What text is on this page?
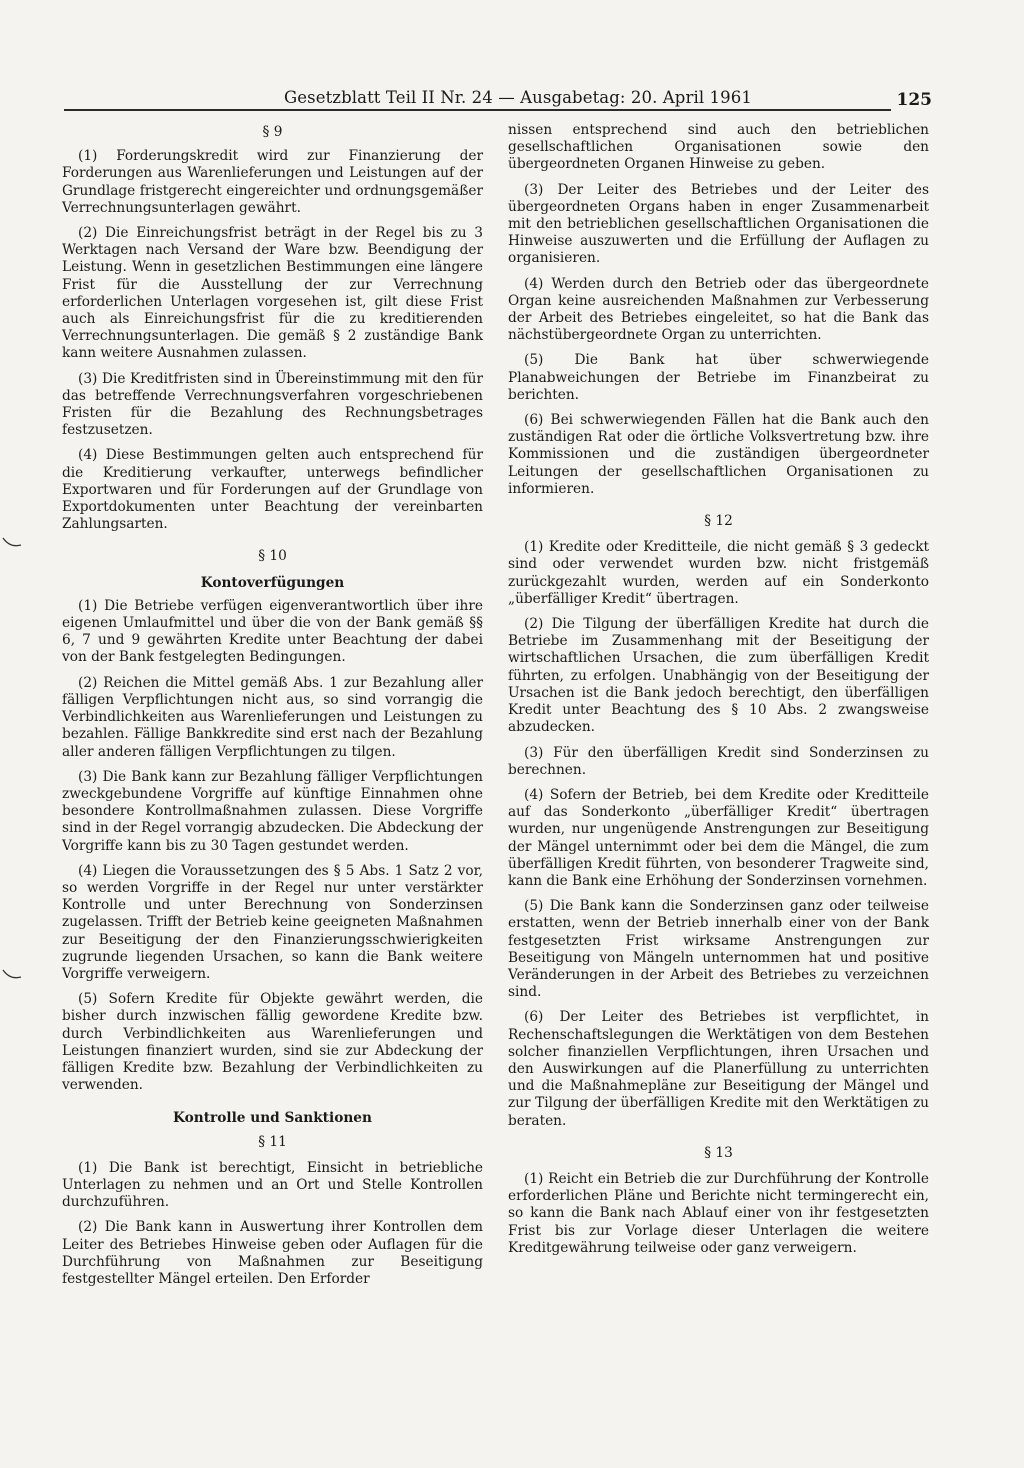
Gesetzblatt Teil II Nr. 24 — Ausgabetag: 20. April 1961	125
§ 9

(1) Forderungskredit wird zur Finanzierung der Forderungen aus Warenlieferungen und Leistungen auf der Grundlage fristgerecht eingereichter und ordnungsgemäßer Verrechnungsunterlagen gewährt.

(2) Die Einreichungsfrist beträgt in der Regel bis zu 3 Werktagen nach Versand der Ware bzw. Beendigung der Leistung. Wenn in gesetzlichen Bestimmungen eine längere Frist für die Ausstellung der zur Verrechnung erforderlichen Unterlagen vorgesehen ist, gilt diese Frist auch als Einreichungsfrist für die zu kreditierenden Verrechnungsunterlagen. Die gemäß § 2 zuständige Bank kann weitere Ausnahmen zulassen.

(3) Die Kreditfristen sind in Übereinstimmung mit den für das betreffende Verrechnungsverfahren vorgeschriebenen Fristen für die Bezahlung des Rechnungsbetrages festzusetzen.

(4) Diese Bestimmungen gelten auch entsprechend für die Kreditierung verkaufter, unterwegs befindlicher Exportwaren und für Forderungen auf der Grundlage von Exportdokumenten unter Beachtung der vereinbarten Zahlungsarten.

§ 10
Kontoverfügungen

(1) Die Betriebe verfügen eigenverantwortlich über ihre eigenen Umlaufmittel und über die von der Bank gemäß §§ 6, 7 und 9 gewährten Kredite unter Beachtung der dabei von der Bank festgelegten Bedingungen.

(2) Reichen die Mittel gemäß Abs. 1 zur Bezahlung aller fälligen Verpflichtungen nicht aus, so sind vorrangig die Verbindlichkeiten aus Warenlieferungen und Leistungen zu bezahlen. Fällige Bankkredite sind erst nach der Bezahlung aller anderen fälligen Verpflichtungen zu tilgen.

(3) Die Bank kann zur Bezahlung fälliger Verpflichtungen zweckgebundene Vorgriffe auf künftige Einnahmen ohne besondere Kontrollmaßnahmen zulassen. Diese Vorgriffe sind in der Regel vorrangig abzudecken. Die Abdeckung der Vorgriffe kann bis zu 30 Tagen gestundet werden.

(4) Liegen die Voraussetzungen des § 5 Abs. 1 Satz 2 vor, so werden Vorgriffe in der Regel nur unter verstärkter Kontrolle und unter Berechnung von Sonderzinsen zugelassen. Trifft der Betrieb keine geeigneten Maßnahmen zur Beseitigung der den Finanzierungsschwierigkeiten zugrunde liegenden Ursachen, so kann die Bank weitere Vorgriffe verweigern.

(5) Sofern Kredite für Objekte gewährt werden, die bisher durch inzwischen fällig gewordene Kredite bzw. durch Verbindlichkeiten aus Warenlieferungen und Leistungen finanziert wurden, sind sie zur Abdeckung der fälligen Kredite bzw. Bezahlung der Verbindlichkeiten zu verwenden.

Kontrolle und Sanktionen
§ 11

(1) Die Bank ist berechtigt, Einsicht in betriebliche Unterlagen zu nehmen und an Ort und Stelle Kontrollen durchzuführen.

(2) Die Bank kann in Auswertung ihrer Kontrollen dem Leiter des Betriebes Hinweise geben oder Auflagen für die Durchführung von Maßnahmen zur Beseitigung festgestellter Mängel erteilen. Den Erforder

nissen entsprechend sind auch den betrieblichen gesellschaftlichen Organisationen sowie den übergeordneten Organen Hinweise zu geben.

(3) Der Leiter des Betriebes und der Leiter des übergeordneten Organs haben in enger Zusammenarbeit mit den betrieblichen gesellschaftlichen Organisationen die Hinweise auszuwerten und die Erfüllung der Auflagen zu organisieren.

(4) Werden durch den Betrieb oder das übergeordnete Organ keine ausreichenden Maßnahmen zur Verbesserung der Arbeit des Betriebes eingeleitet, so hat die Bank das nächstübergeordnete Organ zu unterrichten.

(5) Die Bank hat über schwerwiegende Planabweichungen der Betriebe im Finanzbeirat zu berichten.

(6) Bei schwerwiegenden Fällen hat die Bank auch den zuständigen Rat oder die örtliche Volksvertretung bzw. ihre Kommissionen und die zuständigen übergeordneter Leitungen der gesellschaftlichen Organisationen zu informieren.

§ 12

(1) Kredite oder Kreditteile, die nicht gemäß § 3 gedeckt sind oder verwendet wurden bzw. nicht fristgemäß zurückgezahlt wurden, werden auf ein Sonderkonto „überfälliger Kredit“ übertragen.

(2) Die Tilgung der überfälligen Kredite hat durch die Betriebe im Zusammenhang mit der Beseitigung der wirtschaftlichen Ursachen, die zum überfälligen Kredit führten, zu erfolgen. Unabhängig von der Beseitigung der Ursachen ist die Bank jedoch berechtigt, den überfälligen Kredit unter Beachtung des § 10 Abs. 2 zwangsweise abzudecken.

(3) Für den überfälligen Kredit sind Sonderzinsen zu berechnen.

(4) Sofern der Betrieb, bei dem Kredite oder Kreditteile auf das Sonderkonto „überfälliger Kredit“ übertragen wurden, nur ungenügende Anstrengungen zur Beseitigung der Mängel unternimmt oder bei dem die Mängel, die zum überfälligen Kredit führten, von besonderer Tragweite sind, kann die Bank eine Erhöhung der Sonderzinsen vornehmen.

(5) Die Bank kann die Sonderzinsen ganz oder teilweise erstatten, wenn der Betrieb innerhalb einer von der Bank festgesetzten Frist wirksame Anstrengungen zur Beseitigung von Mängeln unternommen hat und positive Veränderungen in der Arbeit des Betriebes zu verzeichnen sind.

(6) Der Leiter des Betriebes ist verpflichtet, in Rechenschaftslegungen die Werktätigen von dem Bestehen solcher finanziellen Verpflichtungen, ihren Ursachen und den Auswirkungen auf die Planerfüllung zu unterrichten und die Maßnahmepläne zur Beseitigung der Mängel und zur Tilgung der überfälligen Kredite mit den Werktätigen zu beraten.

§ 13

(1) Reicht ein Betrieb die zur Durchführung der Kontrolle erforderlichen Pläne und Berichte nicht termingerecht ein, so kann die Bank nach Ablauf einer von ihr festgesetzten Frist bis zur Vorlage dieser Unterlagen die weitere Kreditgewährung teilweise oder ganz verweigern.
